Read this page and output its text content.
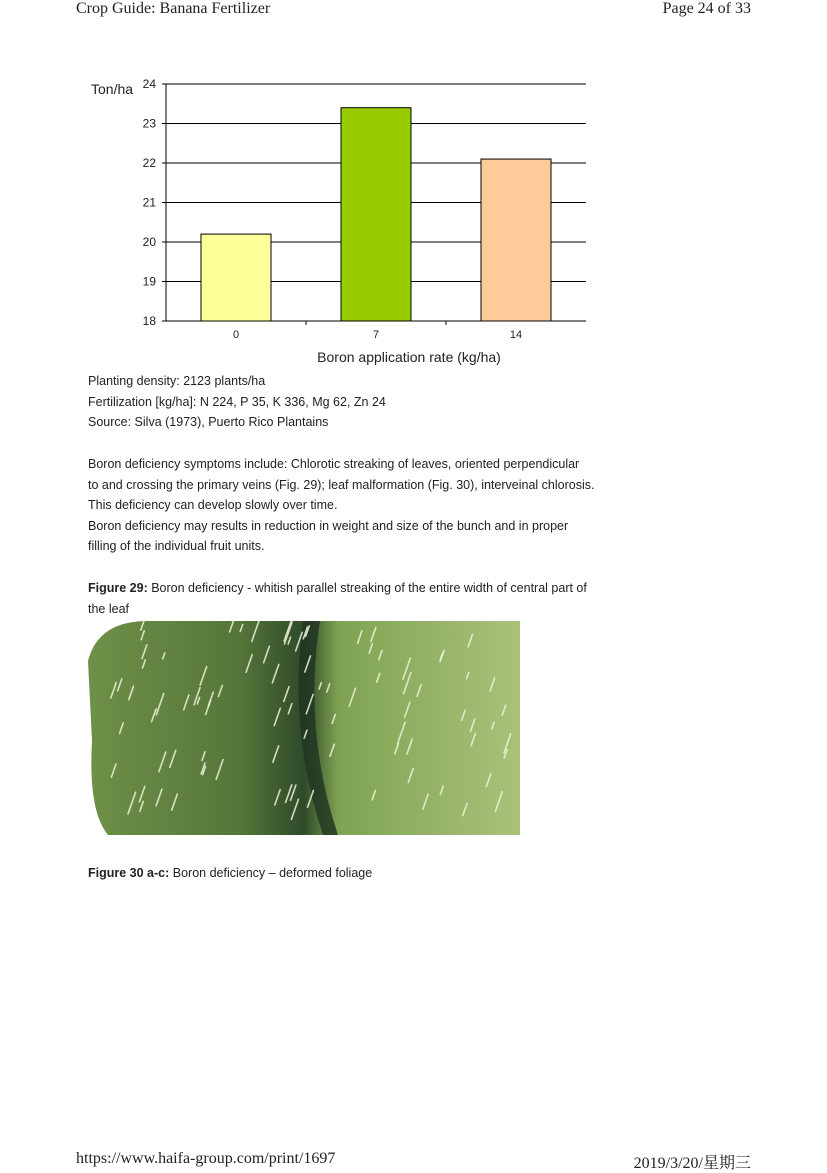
Crop Guide: Banana Fertilizer	Page 24 of 33
18
19
20
21
22
23
24
0	7	14
Ton/ha
Boron application rate (kg/ha)

Planting density: 2123 plants/ha

Fertilization [kg/ha]: N 224, P 35, K 336, Mg 62, Zn 24

Source: Silva (1973), Puerto Rico Plantains

Boron deficiency symptoms include: Chlorotic streaking of leaves, oriented perpendicular

to and crossing the primary veins (Fig. 29); leaf malformation (Fig. 30), interveinal chlorosis.

This deficiency can develop slowly over time.

Boron deficiency may results in reduction in weight and size of the bunch and in proper

filling of the individual fruit units.

Figure 29: Boron deficiency - whitish parallel streaking of the entire width of central part of

the leaf

Figure 30 a-c: Boron deficiency – deformed foliage

https://www.haifa-group.com/print/1697	2019/3/20/星期三
